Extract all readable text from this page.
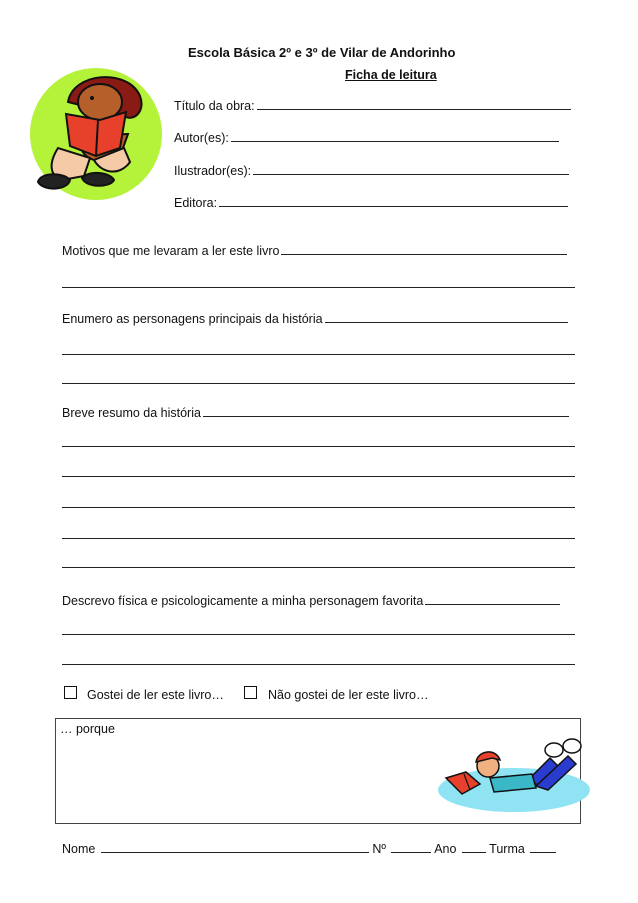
Escola Básica 2º e 3º de Vilar de Andorinho
Ficha de leitura
Título da obra:
Autor(es):
Ilustrador(es):
Editora:
Motivos que me levaram a ler este livro
Enumero as personagens principais da história
Breve resumo da história
Descrevo física e psicologicamente a minha personagem favorita
Gostei de ler este livro…	Não gostei de ler este livro…
… porque
Nome	Nº	Ano	Turma
